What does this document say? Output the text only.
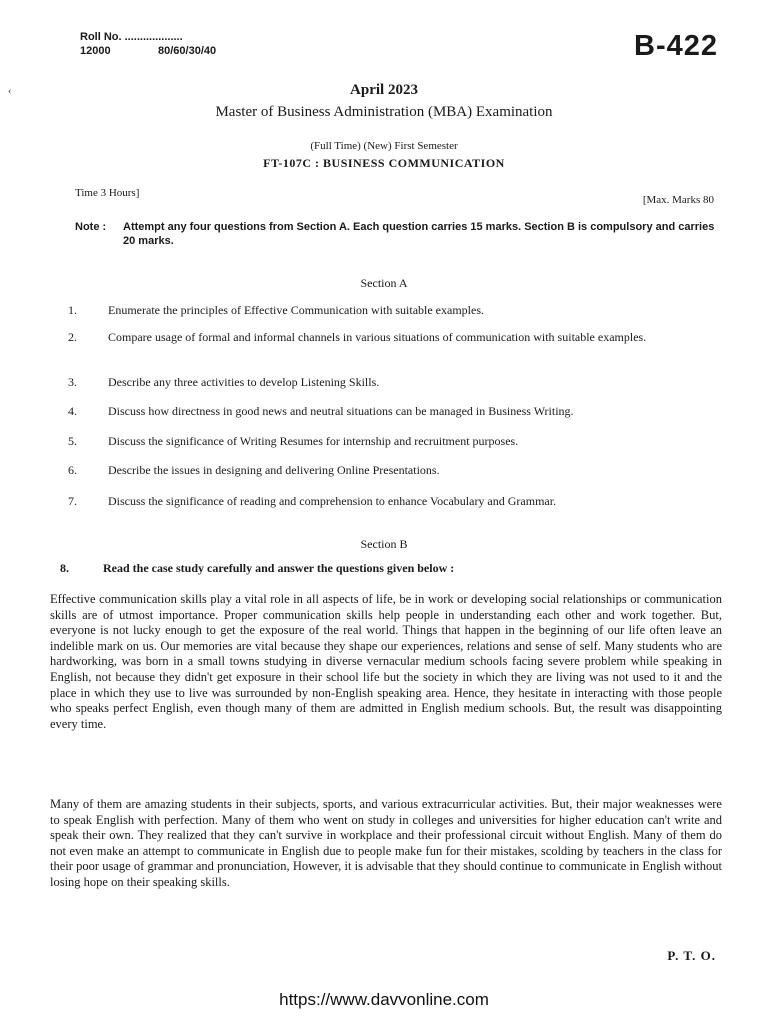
Roll No. ...................
12000	80/60/30/40	B-422
‹	April 2023
Master of Business Administration (MBA) Examination
(Full Time) (New) First Semester
FT-107C : BUSINESS COMMUNICATION
Time 3 Hours]
[Max. Marks 80
Note : Attempt any four questions from Section A. Each question carries 15 marks. Section B is compulsory and carries 20 marks.
Section A
1.	Enumerate the principles of Effective Communication with suitable examples.
2.	Compare usage of formal and informal channels in various situations of communication with suitable examples.
3.	Describe any three activities to develop Listening Skills.
4.	Discuss how directness in good news and neutral situations can be managed in Business Writing.
5.	Discuss the significance of Writing Resumes for internship and recruitment purposes.
6.	Describe the issues in designing and delivering Online Presentations.
7.	Discuss the significance of reading and comprehension to enhance Vocabulary and Grammar.
Section B
8.	Read the case study carefully and answer the questions given below :
Effective communication skills play a vital role in all aspects of life, be in work or developing social relationships or communication skills are of utmost importance. Proper communication skills help people in understanding each other and work together. But, everyone is not lucky enough to get the exposure of the real world. Things that happen in the beginning of our life often leave an indelible mark on us. Our memories are vital because they shape our experiences, relations and sense of self. Many students who are hardworking, was born in a small towns studying in diverse vernacular medium schools facing severe problem while speaking in English, not because they didn't get exposure in their school life but the society in which they are living was not used to it and the place in which they use to live was surrounded by non-English speaking area. Hence, they hesitate in interacting with those people who speaks perfect English, even though many of them are admitted in English medium schools. But, the result was disappointing every time.
Many of them are amazing students in their subjects, sports, and various extracurricular activities. But, their major weaknesses were to speak English with perfection. Many of them who went on study in colleges and universities for higher education can't write and speak their own. They realized that they can't survive in workplace and their professional circuit without English. Many of them do not even make an attempt to communicate in English due to people make fun for their mistakes, scolding by teachers in the class for their poor usage of grammar and pronunciation, However, it is advisable that they should continue to communicate in English without losing hope on their speaking skills.
P. T. O.
https://www.davvonline.com
